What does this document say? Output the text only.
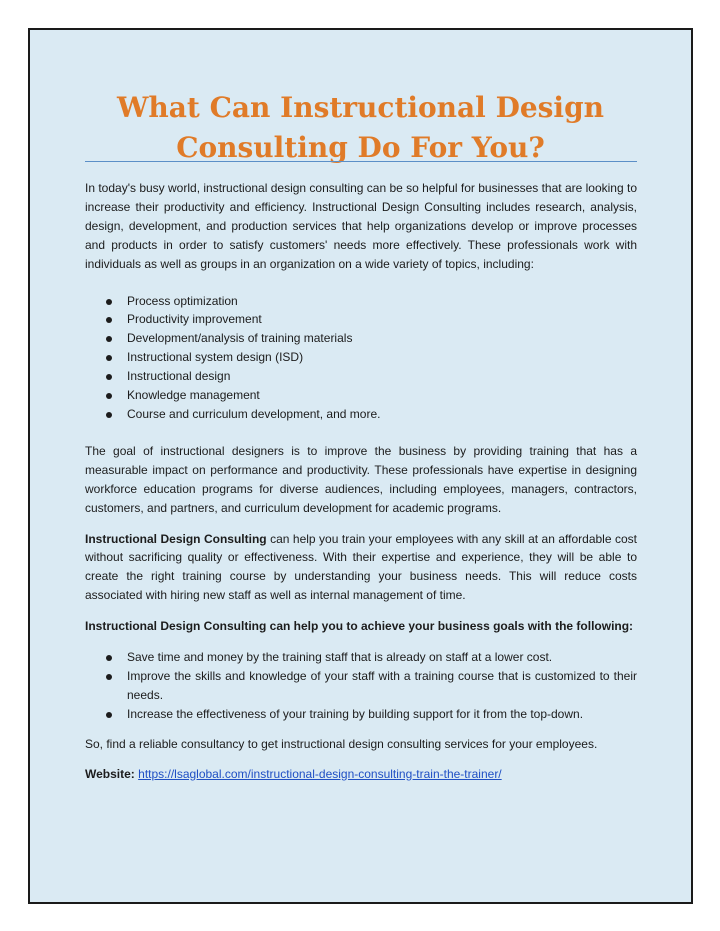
What Can Instructional Design
Consulting Do For You?

In today's busy world, instructional design consulting can be so helpful for businesses that are looking to increase their productivity and efficiency. Instructional Design Consulting includes research, analysis, design, development, and production services that help organizations develop or improve processes and products in order to satisfy customers' needs more effectively. These professionals work with individuals as well as groups in an organization on a wide variety of topics, including:

Process optimization
Productivity improvement
Development/analysis of training materials
Instructional system design (ISD)
Instructional design
Knowledge management
Course and curriculum development, and more.

The goal of instructional designers is to improve the business by providing training that has a measurable impact on performance and productivity. These professionals have expertise in designing workforce education programs for diverse audiences, including employees, managers, contractors, customers, and partners, and curriculum development for academic programs.

Instructional Design Consulting can help you train your employees with any skill at an affordable cost without sacrificing quality or effectiveness. With their expertise and experience, they will be able to create the right training course by understanding your business needs. This will reduce costs associated with hiring new staff as well as internal management of time.

Instructional Design Consulting can help you to achieve your business goals with the following:

Save time and money by the training staff that is already on staff at a lower cost.
Improve the skills and knowledge of your staff with a training course that is customized to their needs.
Increase the effectiveness of your training by building support for it from the top-down.

So, find a reliable consultancy to get instructional design consulting services for your employees.

Website: https://lsaglobal.com/instructional-design-consulting-train-the-trainer/
